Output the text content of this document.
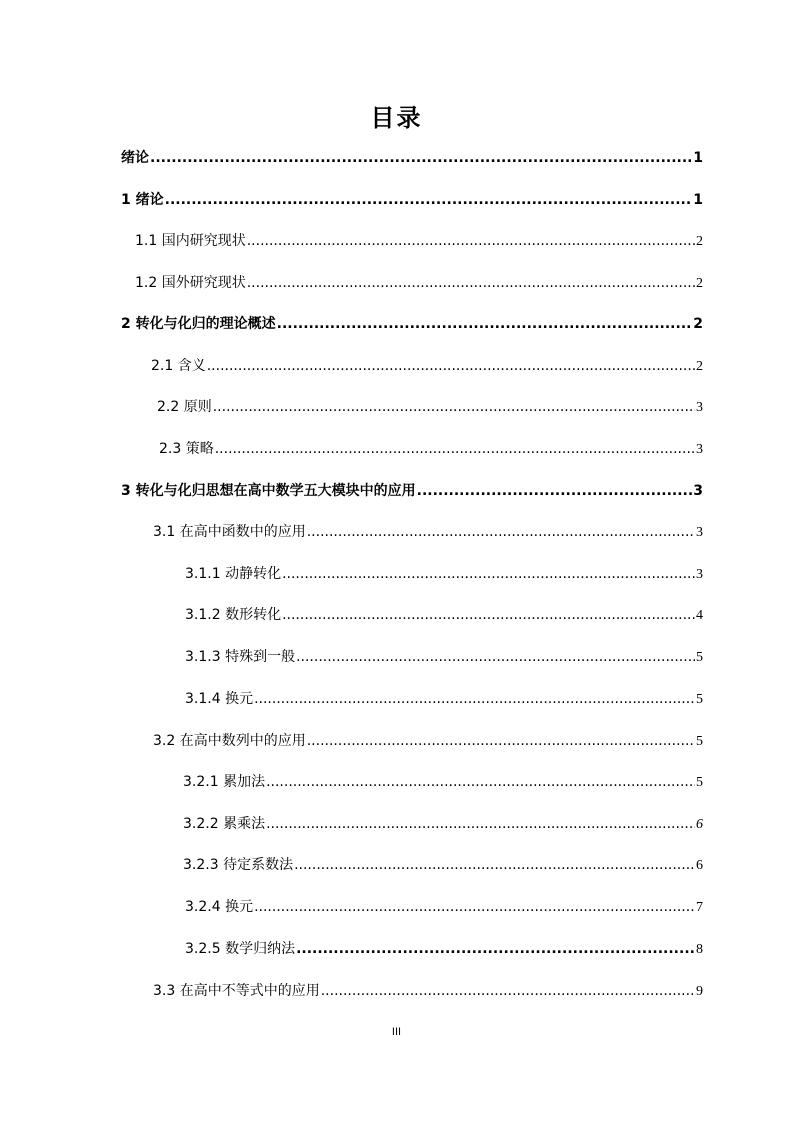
目录
绪论 .....	1
1 绪论 .....	1
1.1 国内研究现状 .....	2
1.2 国外研究现状 .....	2
2 转化与化归的理论概述 .....	2
2.1 含义 .....	2
2.2 原则 .....	3
2.3 策略 .....	3
3 转化与化归思想在高中数学五大模块中的应用 .....	3
3.1 在高中函数中的应用 .....	3
3.1.1 动静转化 .....	3
3.1.2 数形转化 .....	4
3.1.3 特殊到一般 .....	5
3.1.4 换元 .....	5
3.2 在高中数列中的应用 .....	5
3.2.1 累加法 .....	5
3.2.2 累乘法 .....	6
3.2.3 待定系数法 .....	6
3.2.4 换元 .....	7
3.2.5 数学归纳法 .....	8
3.3 在高中不等式中的应用 .....	9
III
